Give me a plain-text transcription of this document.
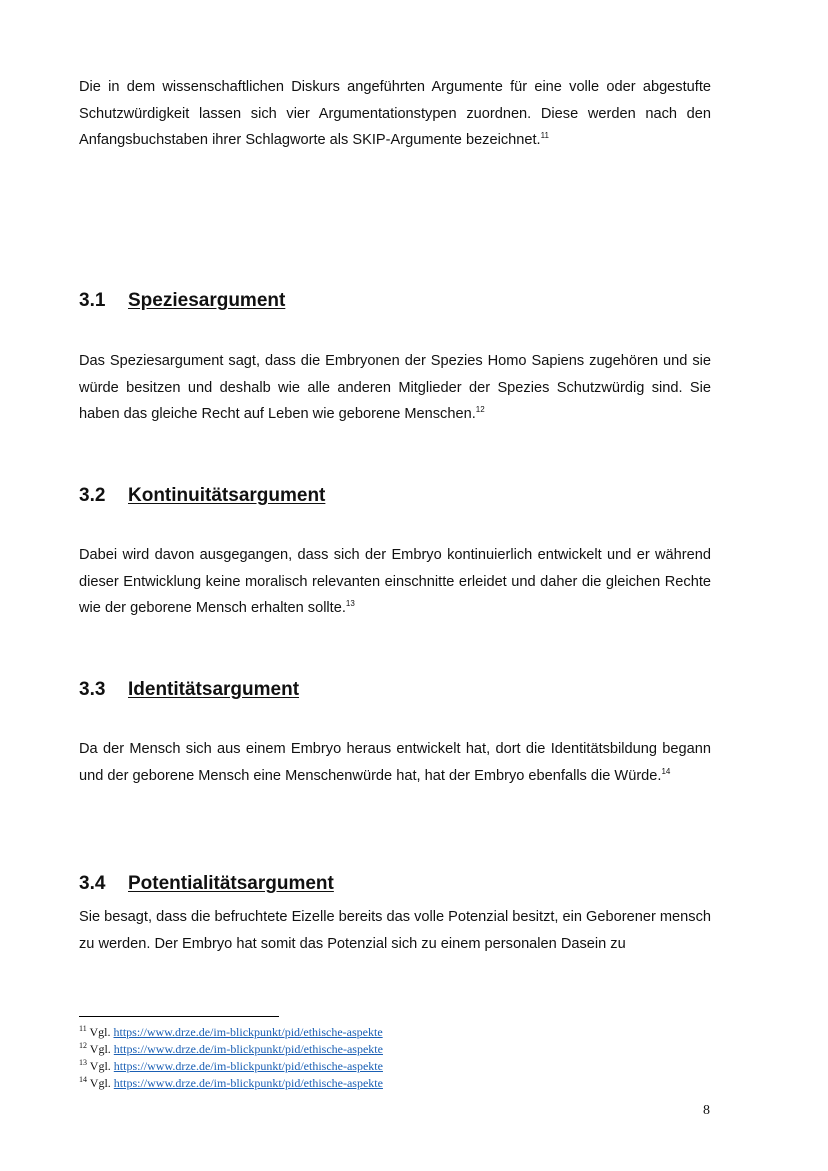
Die in dem wissenschaftlichen Diskurs angeführten Argumente für eine volle oder abgestufte Schutzwürdigkeit lassen sich vier Argumentationstypen zuordnen. Diese werden nach den Anfangsbuchstaben ihrer Schlagworte als SKIP-Argumente bezeichnet.$^{11}$

3.1 Speziesargument

Das Speziesargument sagt, dass die Embryonen der Spezies Homo Sapiens zugehören und sie würde besitzen und deshalb wie alle anderen Mitglieder der Spezies Schutzwürdig sind. Sie haben das gleiche Recht auf Leben wie geborene Menschen.$^{12}$

3.2 Kontinuitätsargument

Dabei wird davon ausgegangen, dass sich der Embryo kontinuierlich entwickelt und er während dieser Entwicklung keine moralisch relevanten einschnitte erleidet und daher die gleichen Rechte wie der geborene Mensch erhalten sollte.$^{13}$

3.3 Identitätsargument

Da der Mensch sich aus einem Embryo heraus entwickelt hat, dort die Identitätsbildung begann und der geborene Mensch eine Menschenwürde hat, hat der Embryo ebenfalls die Würde.$^{14}$

3.4 Potentialitätsargument

Sie besagt, dass die befruchtete Eizelle bereits das volle Potenzial besitzt, ein Geborener mensch zu werden. Der Embryo hat somit das Potenzial sich zu einem personalen Dasein zu

$^{11}$ Vgl. https://www.drze.de/im-blickpunkt/pid/ethische-aspekte

$^{12}$ Vgl. https://www.drze.de/im-blickpunkt/pid/ethische-aspekte

$^{13}$ Vgl. https://www.drze.de/im-blickpunkt/pid/ethische-aspekte

$^{14}$ Vgl. https://www.drze.de/im-blickpunkt/pid/ethische-aspekte

8
